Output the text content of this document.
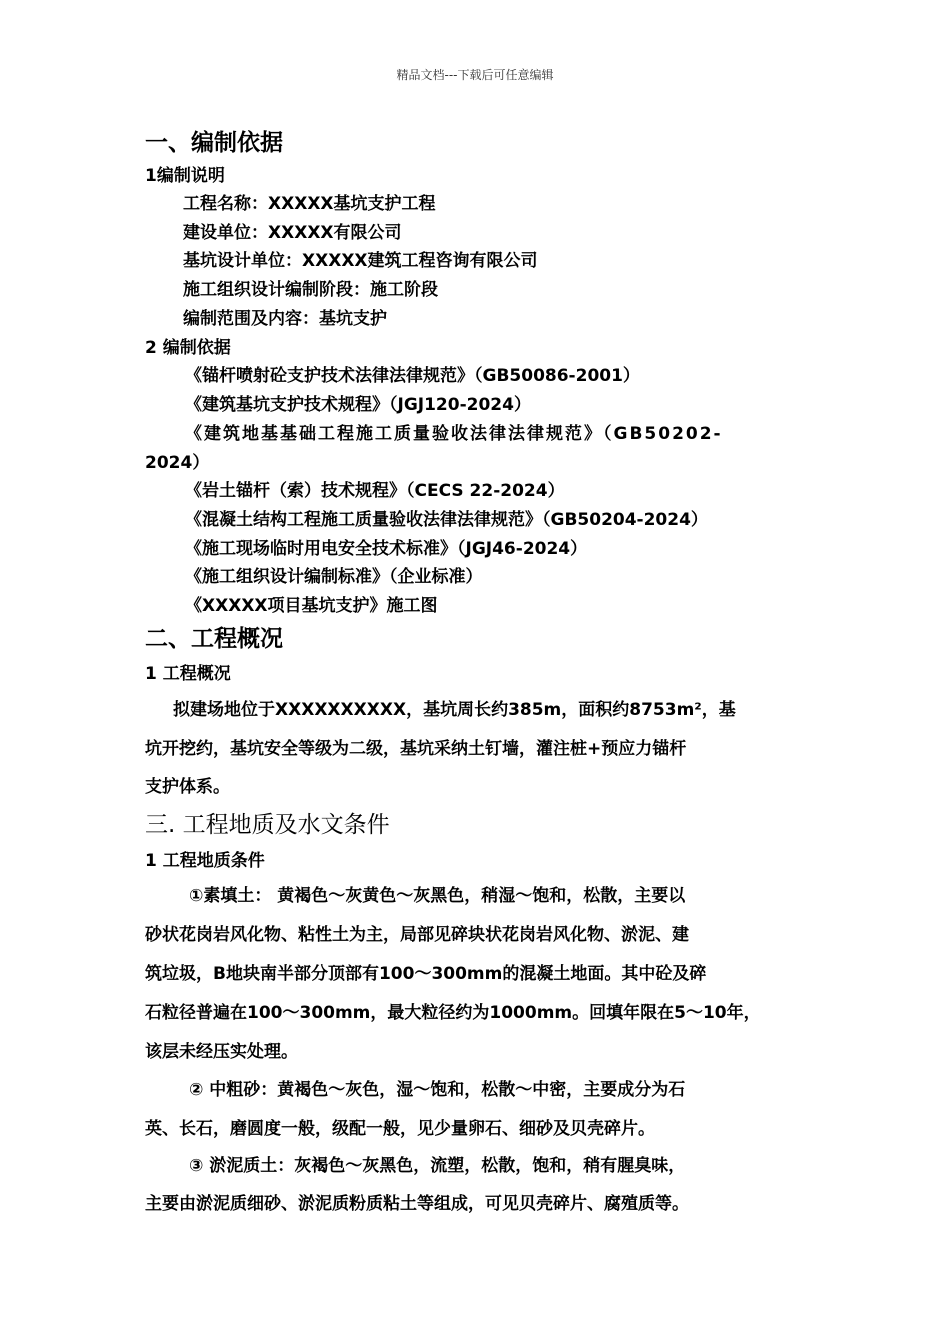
精品文档---下载后可任意编辑
一、编制依据
1编制说明
工程名称：XXXXX基坑支护工程
建设单位：XXXXX有限公司
基坑设计单位：XXXXX建筑工程咨询有限公司
施工组织设计编制阶段：施工阶段
编制范围及内容：基坑支护
2 编制依据
《锚杆喷射砼支护技术法律法律规范》（GB50086-2001）
《建筑基坑支护技术规程》（JGJ120-2024）
《建筑地基基础工程施工质量验收法律法律规范》（GB50202-
2024）
《岩土锚杆（索）技术规程》（CECS 22-2024）
《混凝土结构工程施工质量验收法律法律规范》（GB50204-2024）
《施工现场临时用电安全技术标准》（JGJ46-2024）
《施工组织设计编制标准》（企业标准）
《XXXXX项目基坑支护》施工图
二、工程概况
1 工程概况
拟建场地位于XXXXXXXXXX，基坑周长约385m，面积约8753m²，基
坑开挖约，基坑安全等级为二级，基坑采纳土钉墙，灌注桩+预应力锚杆
支护体系。
三. 工程地质及水文条件
1 工程地质条件
①素填土： 黄褐色～灰黄色～灰黑色，稍湿～饱和，松散，主要以
砂状花岗岩风化物、粘性土为主，局部见碎块状花岗岩风化物、淤泥、建
筑垃圾，B地块南半部分顶部有100～300mm的混凝土地面。其中砼及碎
石粒径普遍在100～300mm，最大粒径约为1000mm。回填年限在5～10年，
该层未经压实处理。
② 中粗砂：黄褐色～灰色，湿～饱和，松散～中密，主要成分为石
英、长石，磨圆度一般，级配一般，见少量卵石、细砂及贝壳碎片。
③ 淤泥质土：灰褐色～灰黑色，流塑，松散，饱和，稍有腥臭味，
主要由淤泥质细砂、淤泥质粉质粘土等组成，可见贝壳碎片、腐殖质等。
